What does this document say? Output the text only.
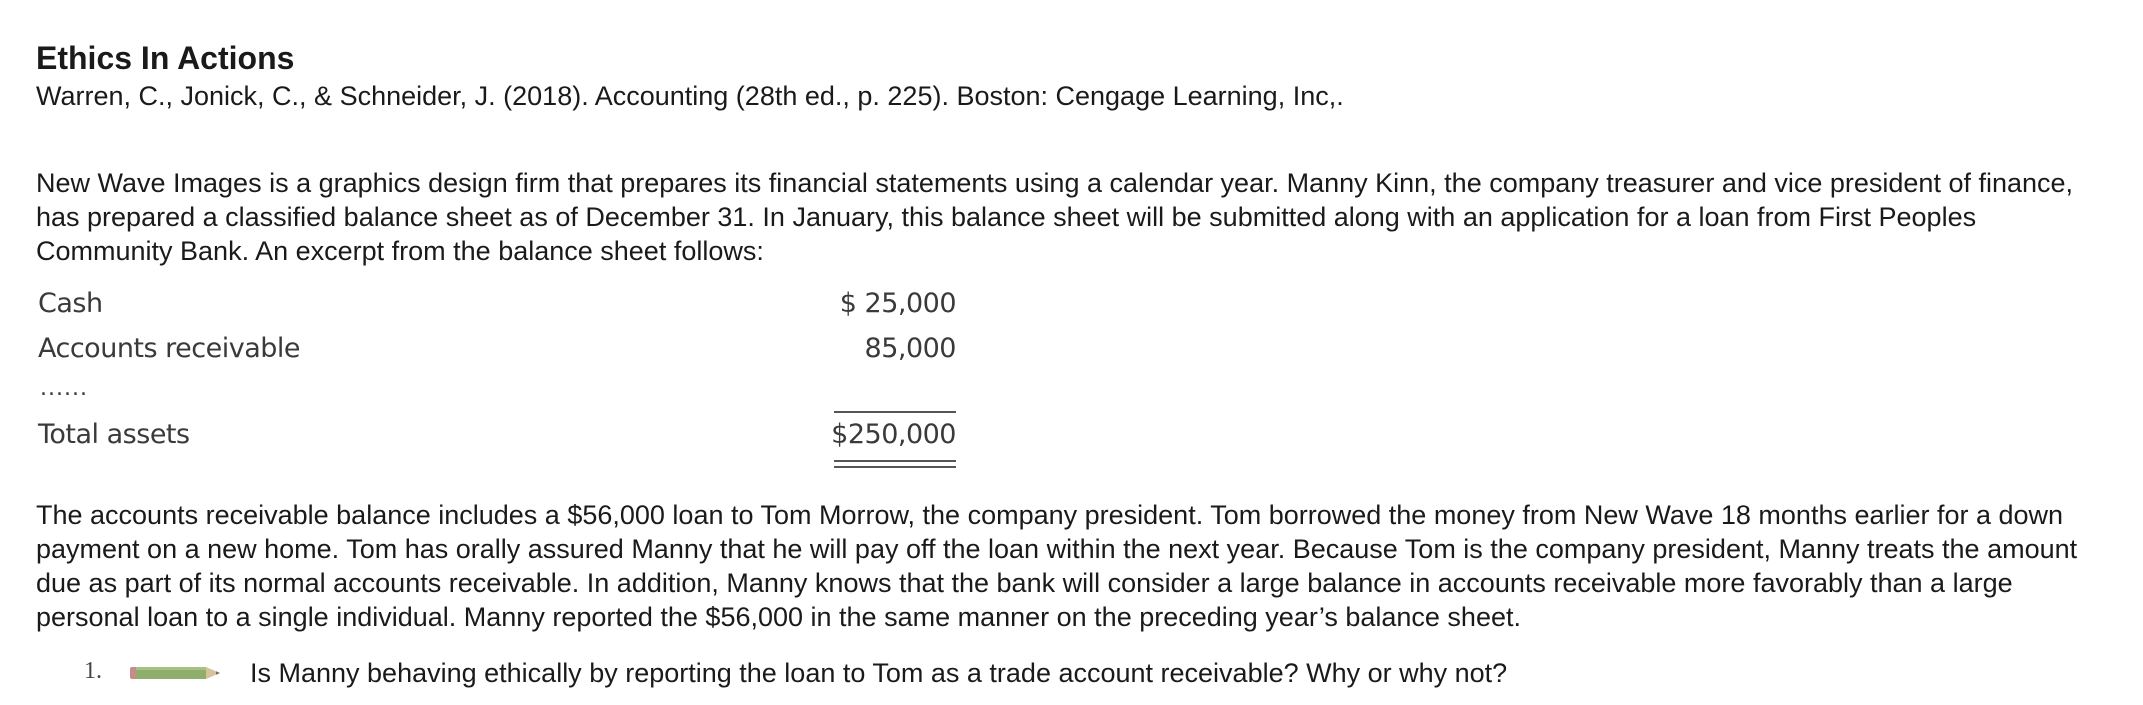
Ethics In Actions

Warren, C., Jonick, C., & Schneider, J. (2018). Accounting (28th ed., p. 225). Boston: Cengage Learning, Inc,.

New Wave Images is a graphics design firm that prepares its financial statements using a calendar year. Manny Kinn, the company treasurer and vice president of finance, has prepared a classified balance sheet as of December 31. In January, this balance sheet will be submitted along with an application for a loan from First Peoples Community Bank. An excerpt from the balance sheet follows:

Cash	$ 25,000
Accounts receivable	85,000
......
Total assets	$250,000

The accounts receivable balance includes a $56,000 loan to Tom Morrow, the company president. Tom borrowed the money from New Wave 18 months earlier for a down payment on a new home. Tom has orally assured Manny that he will pay off the loan within the next year. Because Tom is the company president, Manny treats the amount due as part of its normal accounts receivable. In addition, Manny knows that the bank will consider a large balance in accounts receivable more favorably than a large personal loan to a single individual. Manny reported the $56,000 in the same manner on the preceding year’s balance sheet.

1.	Is Manny behaving ethically by reporting the loan to Tom as a trade account receivable? Why or why not?
